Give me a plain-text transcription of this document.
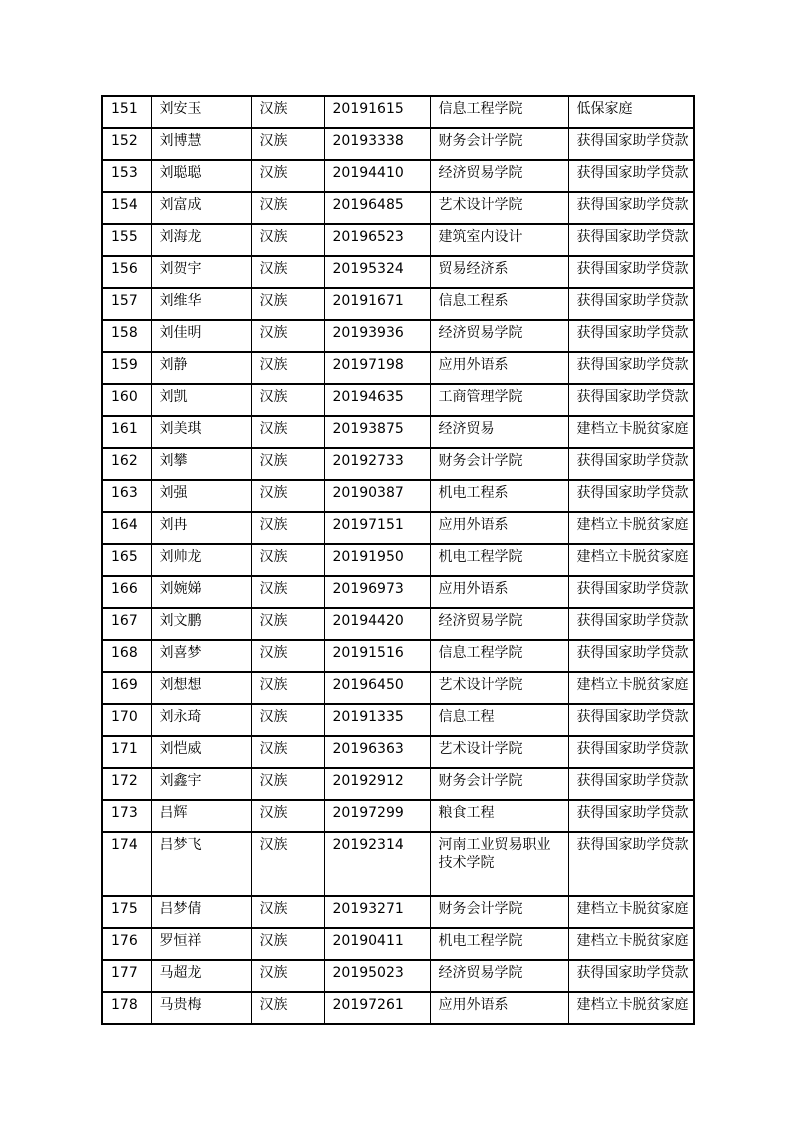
151	刘安玉	汉族	20191615	信息工程学院	低保家庭
152	刘博慧	汉族	20193338	财务会计学院	获得国家助学贷款
153	刘聪聪	汉族	20194410	经济贸易学院	获得国家助学贷款
154	刘富成	汉族	20196485	艺术设计学院	获得国家助学贷款
155	刘海龙	汉族	20196523	建筑室内设计	获得国家助学贷款
156	刘贺宇	汉族	20195324	贸易经济系	获得国家助学贷款
157	刘维华	汉族	20191671	信息工程系	获得国家助学贷款
158	刘佳明	汉族	20193936	经济贸易学院	获得国家助学贷款
159	刘静	汉族	20197198	应用外语系	获得国家助学贷款
160	刘凯	汉族	20194635	工商管理学院	获得国家助学贷款
161	刘美琪	汉族	20193875	经济贸易	建档立卡脱贫家庭
162	刘攀	汉族	20192733	财务会计学院	获得国家助学贷款
163	刘强	汉族	20190387	机电工程系	获得国家助学贷款
164	刘冉	汉族	20197151	应用外语系	建档立卡脱贫家庭
165	刘帅龙	汉族	20191950	机电工程学院	建档立卡脱贫家庭
166	刘婉娣	汉族	20196973	应用外语系	获得国家助学贷款
167	刘文鹏	汉族	20194420	经济贸易学院	获得国家助学贷款
168	刘喜梦	汉族	20191516	信息工程学院	获得国家助学贷款
169	刘想想	汉族	20196450	艺术设计学院	建档立卡脱贫家庭
170	刘永琦	汉族	20191335	信息工程	获得国家助学贷款
171	刘恺威	汉族	20196363	艺术设计学院	获得国家助学贷款
172	刘鑫宇	汉族	20192912	财务会计学院	获得国家助学贷款
173	吕辉	汉族	20197299	粮食工程	获得国家助学贷款
174	吕梦飞	汉族	20192314	河南工业贸易职业技术学院	获得国家助学贷款
175	吕梦倩	汉族	20193271	财务会计学院	建档立卡脱贫家庭
176	罗恒祥	汉族	20190411	机电工程学院	建档立卡脱贫家庭
177	马超龙	汉族	20195023	经济贸易学院	获得国家助学贷款
178	马贵梅	汉族	20197261	应用外语系	建档立卡脱贫家庭
